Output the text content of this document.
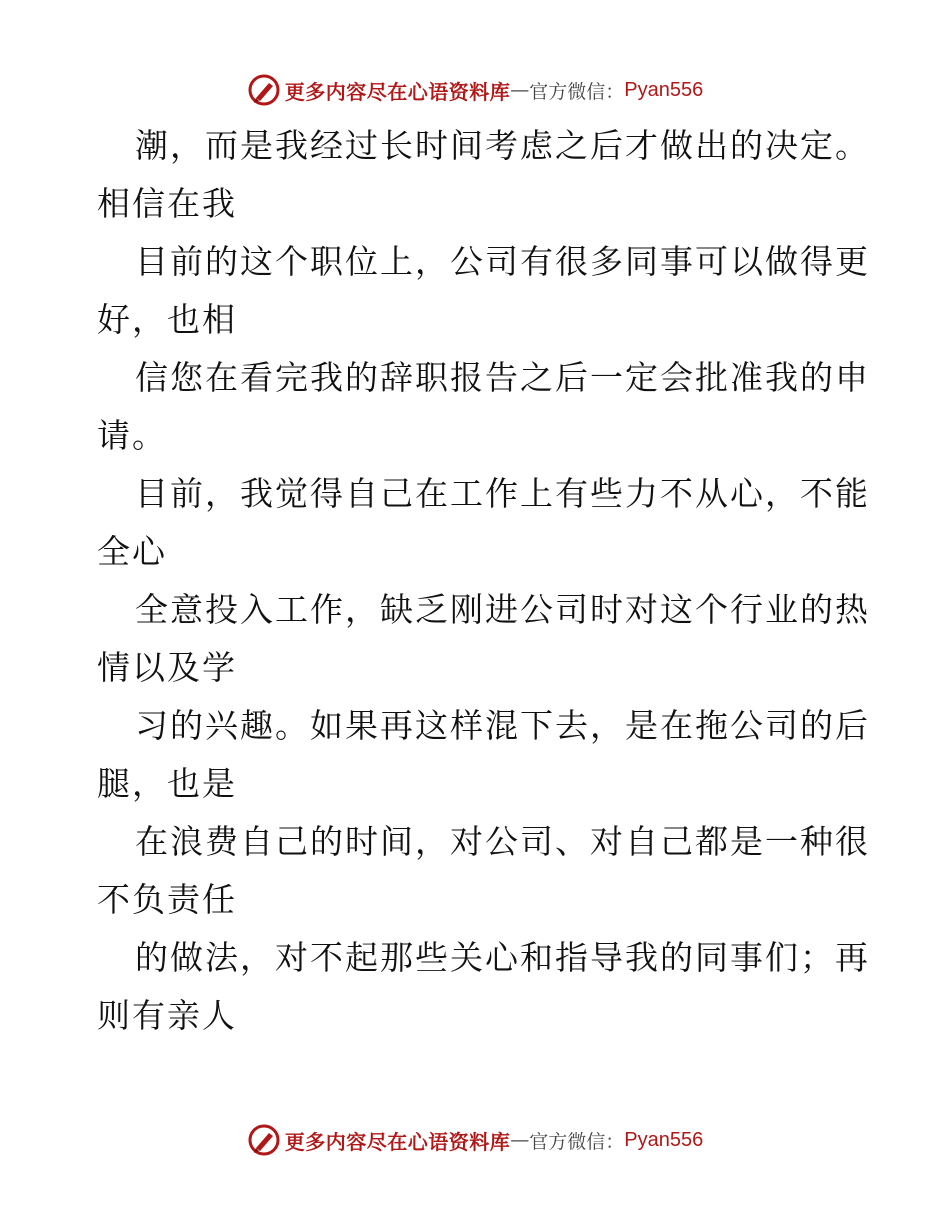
更多内容尽在心语资料库 — 官方微信： Pyan556
潮，而是我经过长时间考虑之后才做出的决定。
相信在我
目前的这个职位上，公司有很多同事可以做得更
好，也相
信您在看完我的辞职报告之后一定会批准我的申
请。
目前，我觉得自己在工作上有些力不从心，不能
全心
全意投入工作，缺乏刚进公司时对这个行业的热
情以及学
习的兴趣。如果再这样混下去，是在拖公司的后
腿，也是
在浪费自己的时间，对公司、对自己都是一种很
不负责任
的做法，对不起那些关心和指导我的同事们；再
则有亲人
更多内容尽在心语资料库 — 官方微信： Pyan556
